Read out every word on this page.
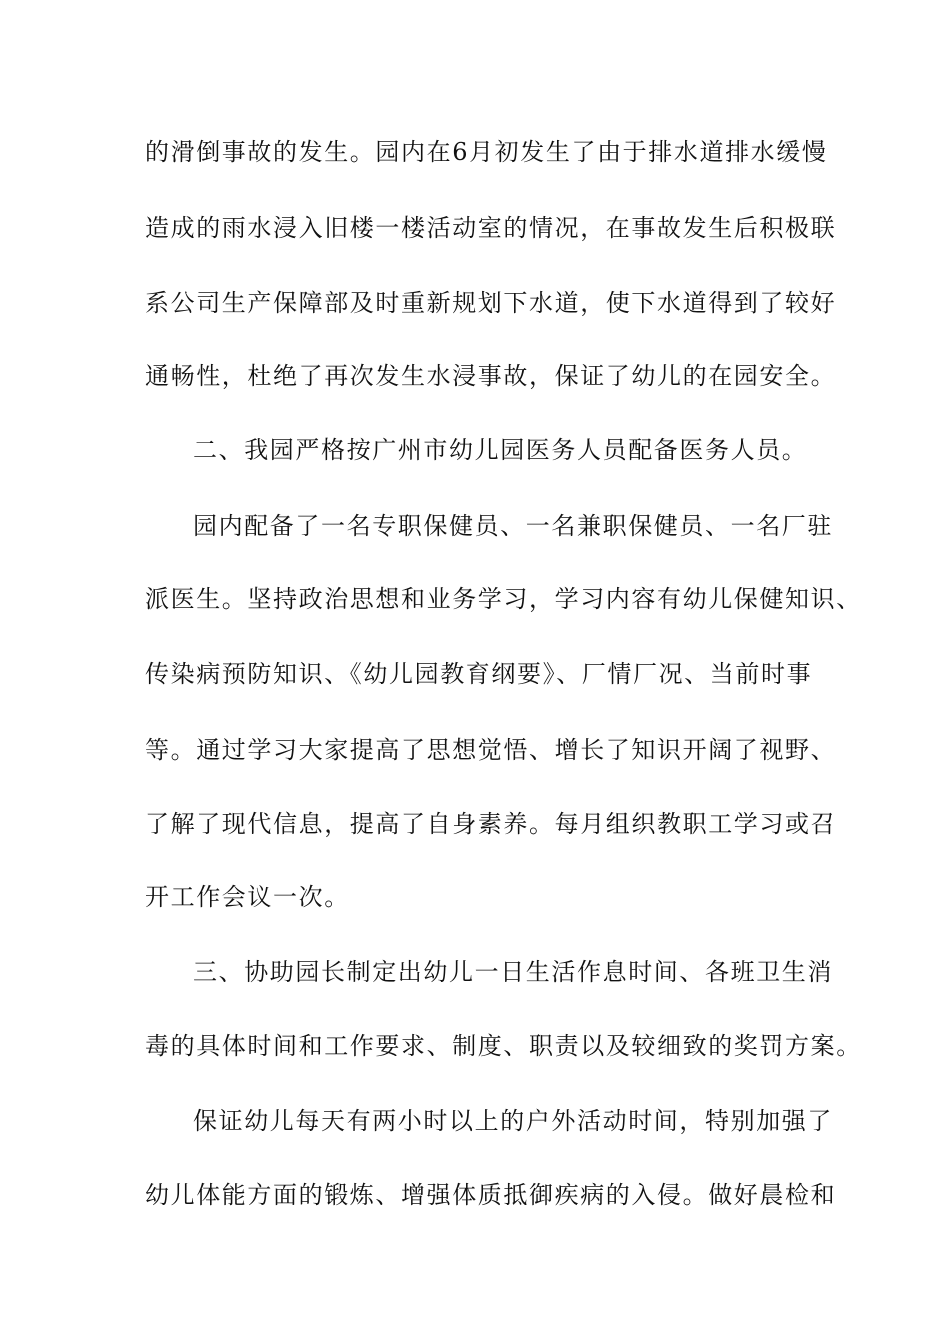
的滑倒事故的发生。园内在6月初发生了由于排水道排水缓慢
造成的雨水浸入旧楼一楼活动室的情况，在事故发生后积极联
系公司生产保障部及时重新规划下水道，使下水道得到了较好
通畅性，杜绝了再次发生水浸事故，保证了幼儿的在园安全。
二、我园严格按广州市幼儿园医务人员配备医务人员。
园内配备了一名专职保健员、一名兼职保健员、一名厂驻
派医生。坚持政治思想和业务学习，学习内容有幼儿保健知识、
传染病预防知识、《幼儿园教育纲要》、厂情厂况、当前时事
等。通过学习大家提高了思想觉悟、增长了知识开阔了视野、
了解了现代信息，提高了自身素养。每月组织教职工学习或召
开工作会议一次。
三、协助园长制定出幼儿一日生活作息时间、各班卫生消
毒的具体时间和工作要求、制度、职责以及较细致的奖罚方案。
保证幼儿每天有两小时以上的户外活动时间，特别加强了
幼儿体能方面的锻炼、增强体质抵御疾病的入侵。做好晨检和
